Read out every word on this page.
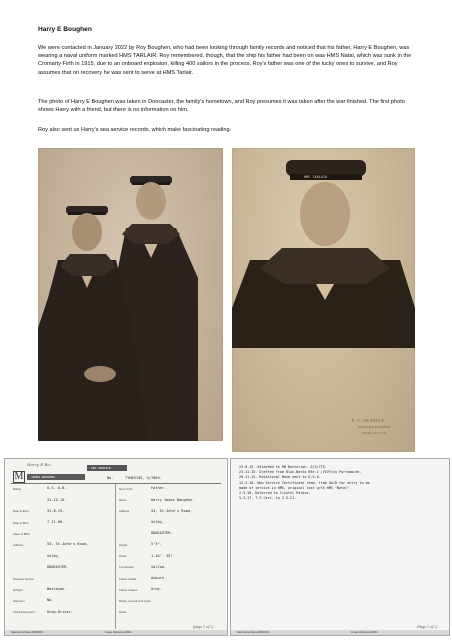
Harry E Boughen

We were contacted in January 2022 by Roy Boughen, who had been looking through family records and noticed that his father, Harry E Boughen, was wearing a naval uniform marked HMS TARLAIR. Roy remembered, though, that the ship his father had been on was HMS Natal, which was sunk in the Cromarty Firth in 1915, due to an onboard explosion, killing 400 sailors in the process. Roy's father was one of the lucky ones to survive, and Roy assumes that on recovery he was sent to serve at HMS Tarlair.

The photo of Harry E Boughen was taken in Doncaster, the family's hometown, and Roy presumes it was taken after the war finished. The first photo shows Harry with a friend, but there is no information on him.

Roy also sent us Harry's sea service records, which make fascinating reading.

HMS TARLAIR
F. J. SEAMAN.
PHOTOGRAPHER
DONCASTER
Harry E Bo...
SEA SERVICE
M	JAMES BOUGHEN	No.	TYNE5155, S/7003.
Rating	O.S. A.B.
31.12.15.
Date of Entry	31.8.15.
Date of Birth	7.11.90.
Place of Birth
Address	53, St.John's Road,
Selby,
DONCASTER.
Previous Service
Religion	Wesleyan.
Swimmer	No.
Civil Employment	Drop.Driver.
Next of Kin	Father.
Name	Harry James Boughen.
Address	53, St.John's Road,
Selby,
DONCASTER.
Height	5'5".
Chest	1.34". 35".
Complexion	Sallow.
Colour of Hair	Auburn.
Colour of Eyes	Grey.
Marks, wounds and scars
Notes
(page 1 of 2)
National Archives ADM/20/1	Image Reference 0904
23.8.15. Attached to RN Battalion. 5/3/775.
23.11.15. Drafted from Blac.Batto Bte.1 (VIVY)to Portsmouth.
20.11.15. Rotational Base sent to D.S.O.
12.2.16. New Service Certificate read. from A&/D for entry to be
made of service in HMS, original lost w/th HMS "Natal".
2.3.16. Deferred to Crystal Palace.
5.3.17. T.S Cert. to 2.5.21.
(Page 2 of 2)
National Archives ADM/20/1	Image Reference 0904
